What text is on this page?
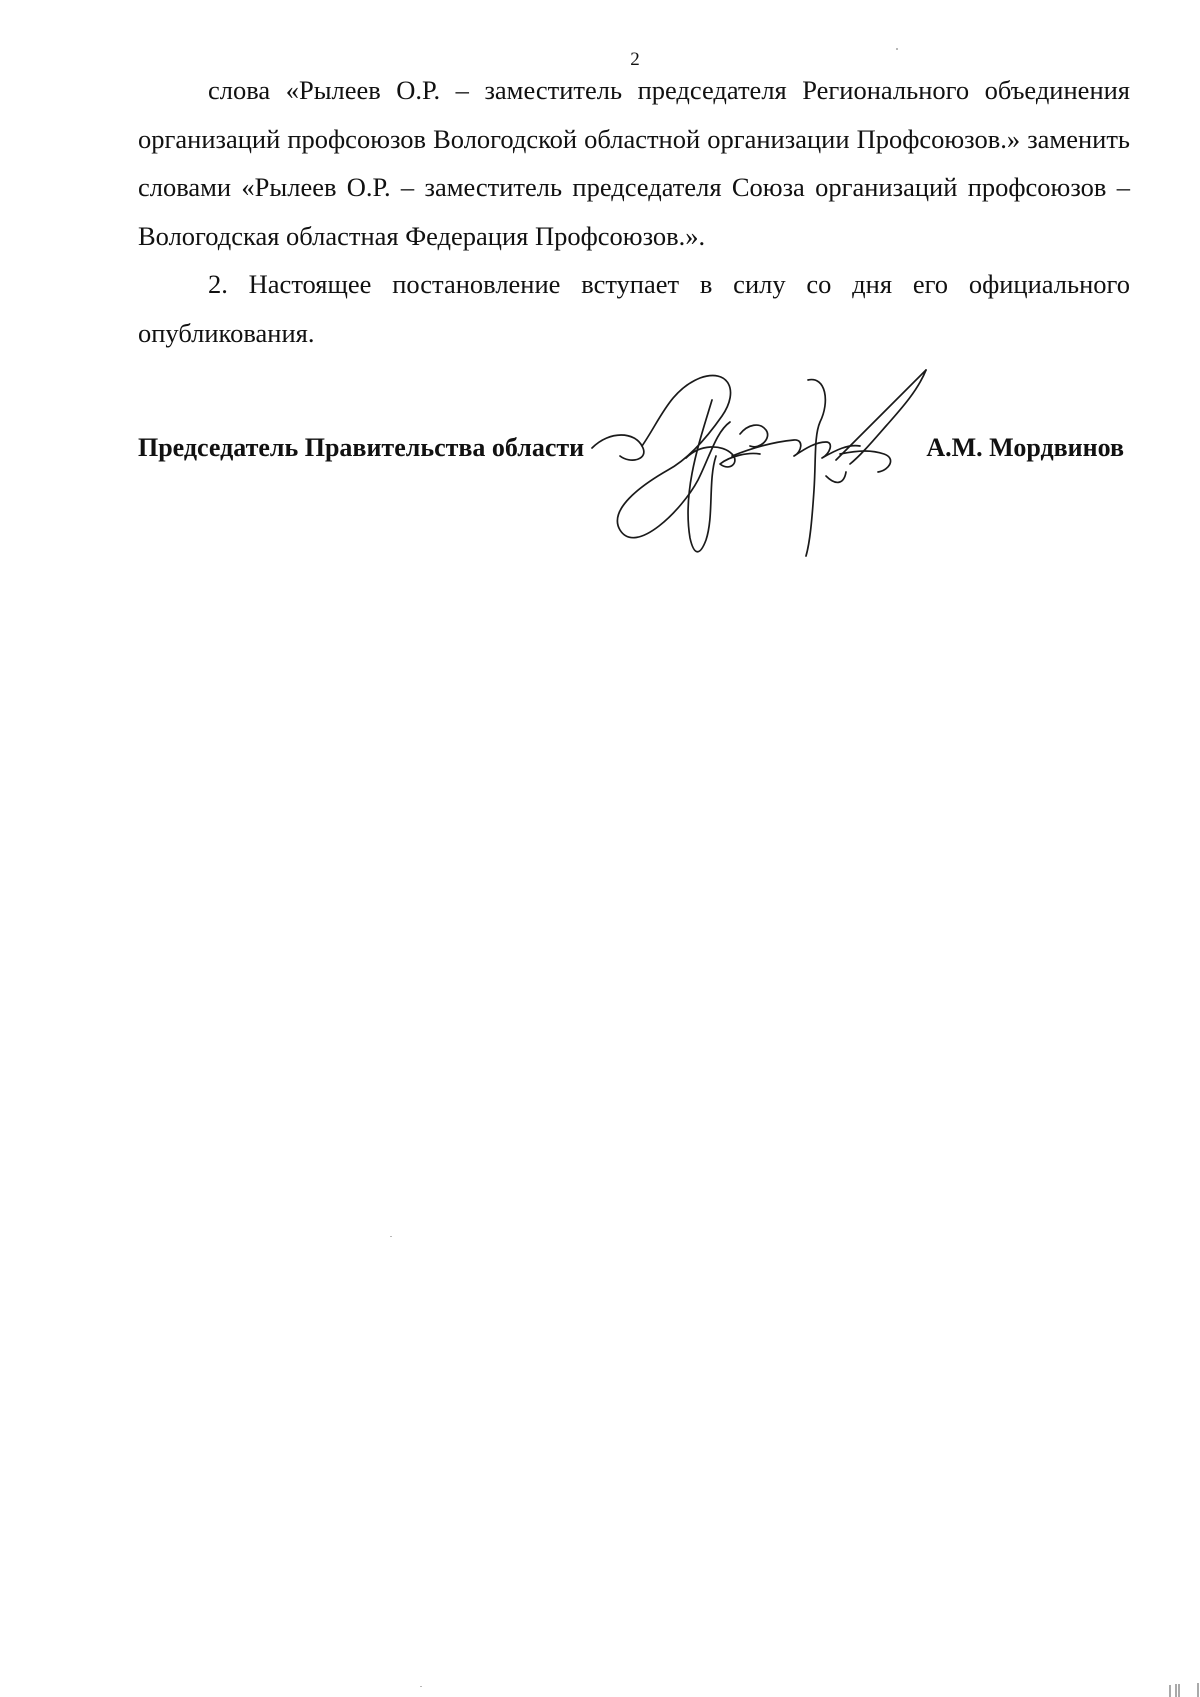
2

слова «Рылеев О.Р. – заместитель председателя Регионального объединения организаций профсоюзов Вологодской областной организации Профсоюзов.» заменить словами «Рылеев О.Р. – заместитель председателя Союза организаций профсоюзов – Вологодская областная Федерация Профсоюзов.».

2. Настоящее постановление вступает в силу со дня его официального опубликования.

Председатель Правительства области	А.М. Мордвинов
